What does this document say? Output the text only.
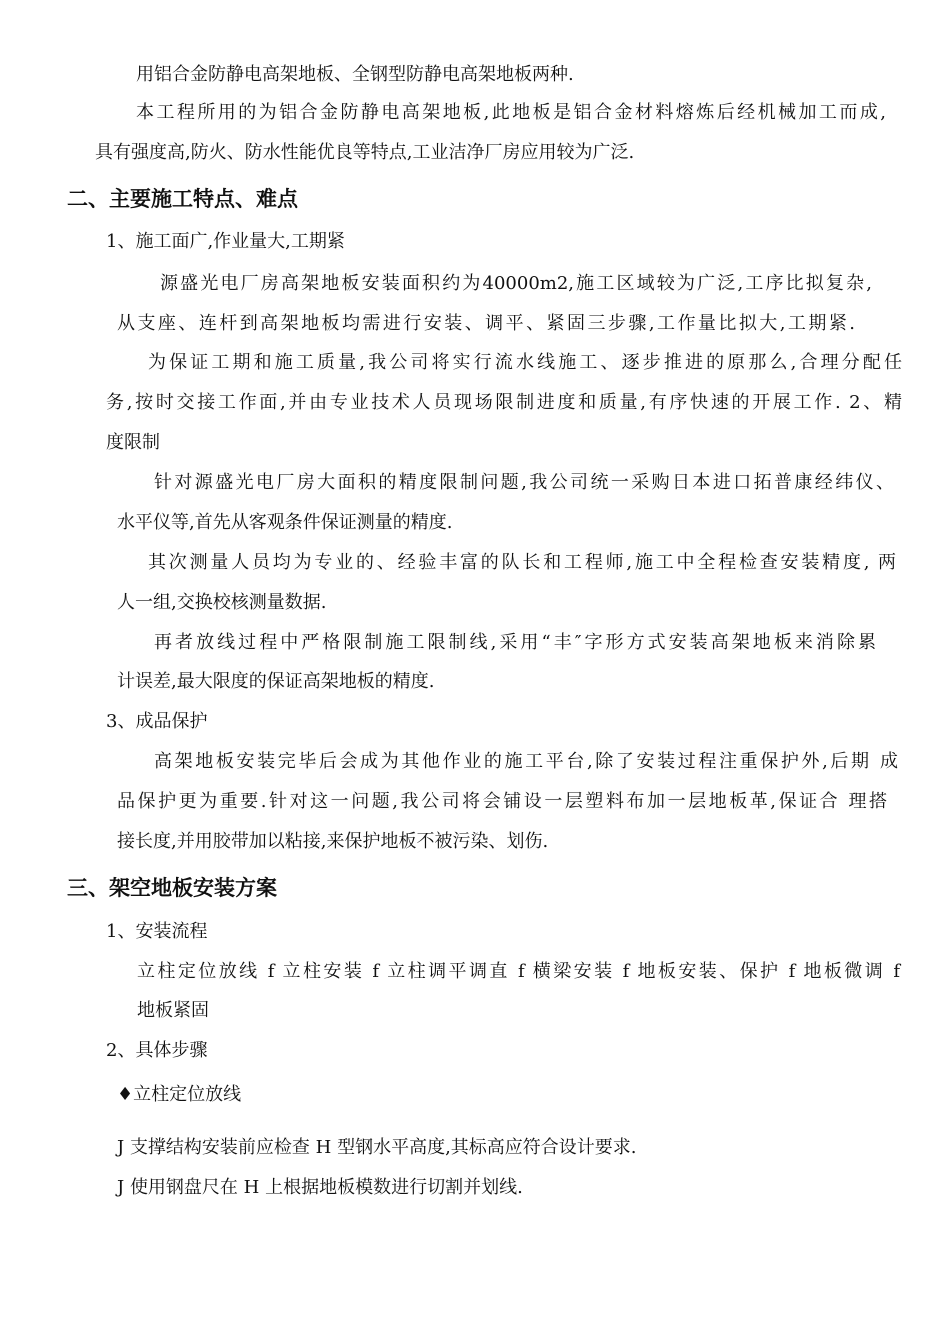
用铝合金防静电高架地板、全钢型防静电高架地板两种.
本工程所用的为铝合金防静电高架地板,此地板是铝合金材料熔炼后经机械加工而成,
具有强度高,防火、防水性能优良等特点,工业洁净厂房应用较为广泛.
二、主要施工特点、难点
1、施工面广,作业量大,工期紧
源盛光电厂房高架地板安装面积约为40000m2,施工区域较为广泛,工序比拟复杂,
从支座、连杆到高架地板均需进行安装、调平、紧固三步骤,工作量比拟大,工期紧.
为保证工期和施工质量,我公司将实行流水线施工、逐步推进的原那么,合理分配任
务,按时交接工作面,并由专业技术人员现场限制进度和质量,有序快速的开展工作. 2、精
度限制
针对源盛光电厂房大面积的精度限制问题,我公司统一采购日本进口拓普康经纬仪、
水平仪等,首先从客观条件保证测量的精度.
其次测量人员均为专业的、经验丰富的队长和工程师,施工中全程检查安装精度, 两
人一组,交换校核测量数据.
再者放线过程中严格限制施工限制线,采用“丰″字形方式安装高架地板来消除累
计误差,最大限度的保证高架地板的精度.
3、成品保护
高架地板安装完毕后会成为其他作业的施工平台,除了安装过程注重保护外,后期 成
品保护更为重要.针对这一问题,我公司将会铺设一层塑料布加一层地板革,保证合 理搭
接长度,并用胶带加以粘接,来保护地板不被污染、划伤.
三、架空地板安装方案
1、安装流程
立柱定位放线 f 立柱安装 f 立柱调平调直 f 横梁安装 f 地板安装、保护 f 地板微调 f
地板紧固
2、具体步骤
♦立柱定位放线
J 支撑结构安装前应检查 H 型钢水平高度,其标高应符合设计要求.
J 使用钢盘尺在 H 上根据地板模数进行切割并划线.
